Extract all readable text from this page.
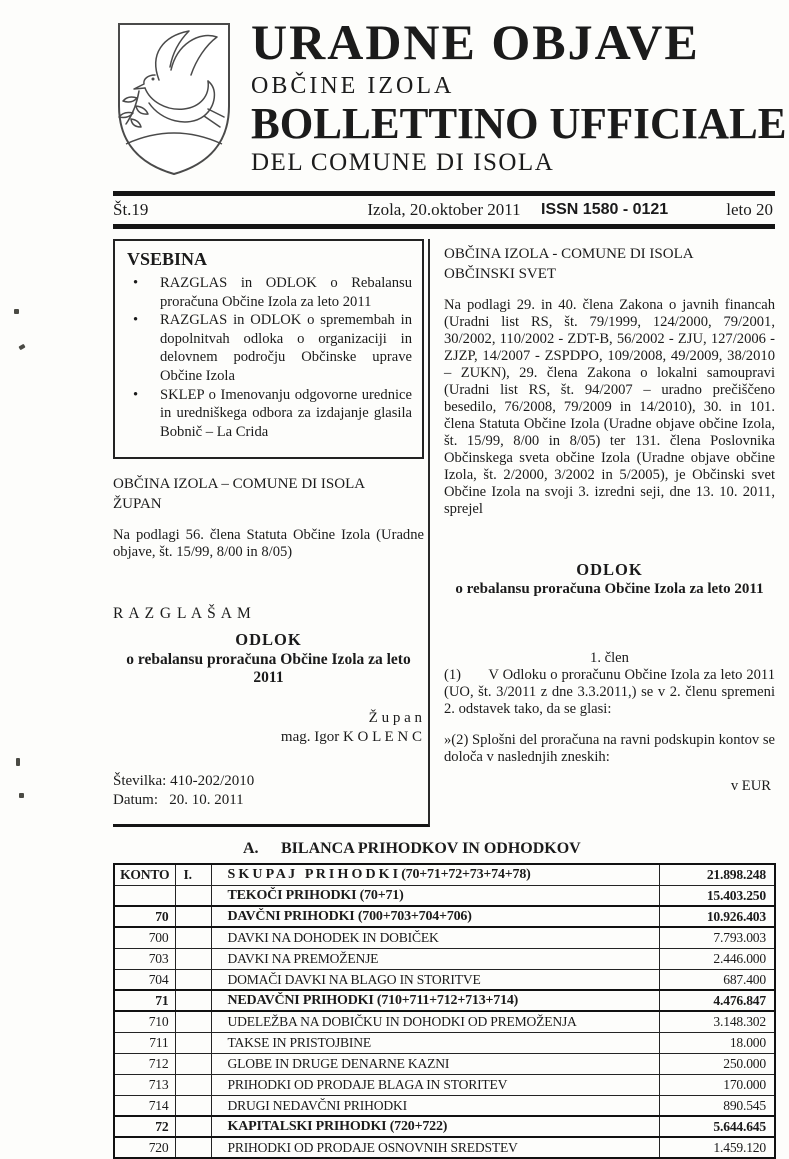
URADNE OBJAVE
OBČINE IZOLA
BOLLETTINO UFFICIALE
DEL COMUNE DI ISOLA
Št.19	Izola, 20.oktober 2011	ISSN 1580 - 0121	leto 20
VSEBINA
• RAZGLAS in ODLOK o Rebalansu proračuna Občine Izola za leto 2011
• RAZGLAS in ODLOK o spremembah in dopolnitvah odloka o organizaciji in delovnem področju Občinske uprave Občine Izola
• SKLEP o Imenovanju odgovorne urednice in uredniškega odbora za izdajanje glasila Bobnič – La Crida
OBČINA IZOLA – COMUNE DI ISOLA
ŽUPAN

Na podlagi 56. člena Statuta Občine Izola (Uradne objave, št. 15/99, 8/00 in 8/05)

R A Z G L A Š A M
ODLOK
o rebalansu proračuna Občine Izola za leto 2011
Ž u p a n
mag. Igor K O L E N C
Številka: 410-202/2010
Datum:   20. 10. 2011
OBČINA IZOLA - COMUNE DI ISOLA
OBČINSKI SVET

Na podlagi 29. in 40. člena Zakona o javnih financah (Uradni list RS, št. 79/1999, 124/2000, 79/2001, 30/2002, 110/2002 - ZDT-B, 56/2002 - ZJU, 127/2006 - ZJZP, 14/2007 - ZSPDPO, 109/2008, 49/2009, 38/2010 – ZUKN), 29. člena Zakona o lokalni samoupravi (Uradni list RS, št. 94/2007 – uradno prečiščeno besedilo, 76/2008, 79/2009 in 14/2010), 30. in 101. člena Statuta Občine Izola (Uradne objave občine Izola, št. 15/99, 8/00 in 8/05) ter 131. člena Poslovnika Občinskega sveta občine Izola (Uradne objave občine Izola, št. 2/2000, 3/2002 in 5/2005), je Občinski svet Občine Izola na svoji 3. izredni seji, dne 13. 10. 2011, sprejel

ODLOK
o rebalansu proračuna Občine Izola za leto 2011
1. člen

(1)       V Odloku o proračunu Občine Izola za leto 2011 (UO, št. 3/2011 z dne 3.3.2011,) se v 2. členu spremeni 2. odstavek tako, da se glasi:

»(2) Splošni del proračuna na ravni podskupin kontov se določa v naslednjih zneskih:

v EUR
A.	BILANCA PRIHODKOV IN ODHODKOV
KONTO	I.	S K U P A J   P R I H O D K I (70+71+72+73+74+78)	21.898.248
		TEKOČI PRIHODKI (70+71)	15.403.250
70		DAVČNI PRIHODKI (700+703+704+706)	10.926.403
700		DAVKI NA DOHODEK IN DOBIČEK	7.793.003
703		DAVKI NA PREMOŽENJE	2.446.000
704		DOMAČI DAVKI NA BLAGO IN STORITVE	687.400
71		NEDAVČNI PRIHODKI (710+711+712+713+714)	4.476.847
710		UDELEŽBA NA DOBIČKU IN DOHODKI OD PREMOŽENJA	3.148.302
711		TAKSE IN PRISTOJBINE	18.000
712		GLOBE IN DRUGE DENARNE KAZNI	250.000
713		PRIHODKI OD PRODAJE BLAGA IN STORITEV	170.000
714		DRUGI NEDAVČNI PRIHODKI	890.545
72		KAPITALSKI PRIHODKI (720+722)	5.644.645
720		PRIHODKI OD PRODAJE OSNOVNIH SREDSTEV	1.459.120
